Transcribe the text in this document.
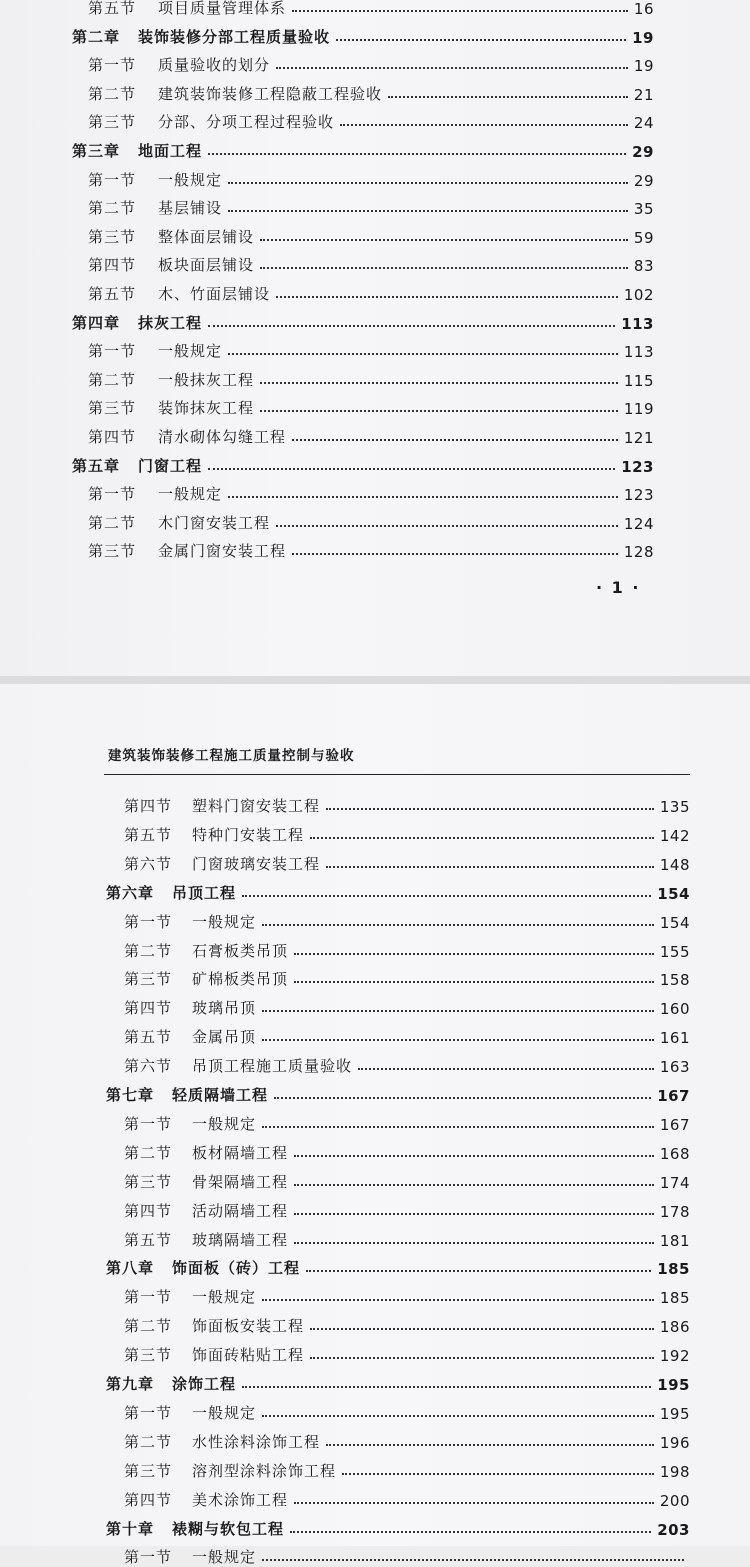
第五节 项目质量管理体系	16
第二章 装饰装修分部工程质量验收	19
第一节 质量验收的划分	19
第二节 建筑装饰装修工程隐蔽工程验收	21
第三节 分部、分项工程过程验收	24
第三章 地面工程	29
第一节 一般规定	29
第二节 基层铺设	35
第三节 整体面层铺设	59
第四节 板块面层铺设	83
第五节 木、竹面层铺设	102
第四章 抹灰工程	113
第一节 一般规定	113
第二节 一般抹灰工程	115
第三节 装饰抹灰工程	119
第四节 清水砌体勾缝工程	121
第五章 门窗工程	123
第一节 一般规定	123
第二节 木门窗安装工程	124
第三节 金属门窗安装工程	128
· 1 ·
建筑装饰装修工程施工质量控制与验收
第四节 塑料门窗安装工程	135
第五节 特种门安装工程	142
第六节 门窗玻璃安装工程	148
第六章 吊顶工程	154
第一节 一般规定	154
第二节 石膏板类吊顶	155
第三节 矿棉板类吊顶	158
第四节 玻璃吊顶	160
第五节 金属吊顶	161
第六节 吊顶工程施工质量验收	163
第七章 轻质隔墙工程	167
第一节 一般规定	167
第二节 板材隔墙工程	168
第三节 骨架隔墙工程	174
第四节 活动隔墙工程	178
第五节 玻璃隔墙工程	181
第八章 饰面板（砖）工程	185
第一节 一般规定	185
第二节 饰面板安装工程	186
第三节 饰面砖粘贴工程	192
第九章 涂饰工程	195
第一节 一般规定	195
第二节 水性涂料涂饰工程	196
第三节 溶剂型涂料涂饰工程	198
第四节 美术涂饰工程	200
第十章 裱糊与软包工程	203
第一节 一般规定
